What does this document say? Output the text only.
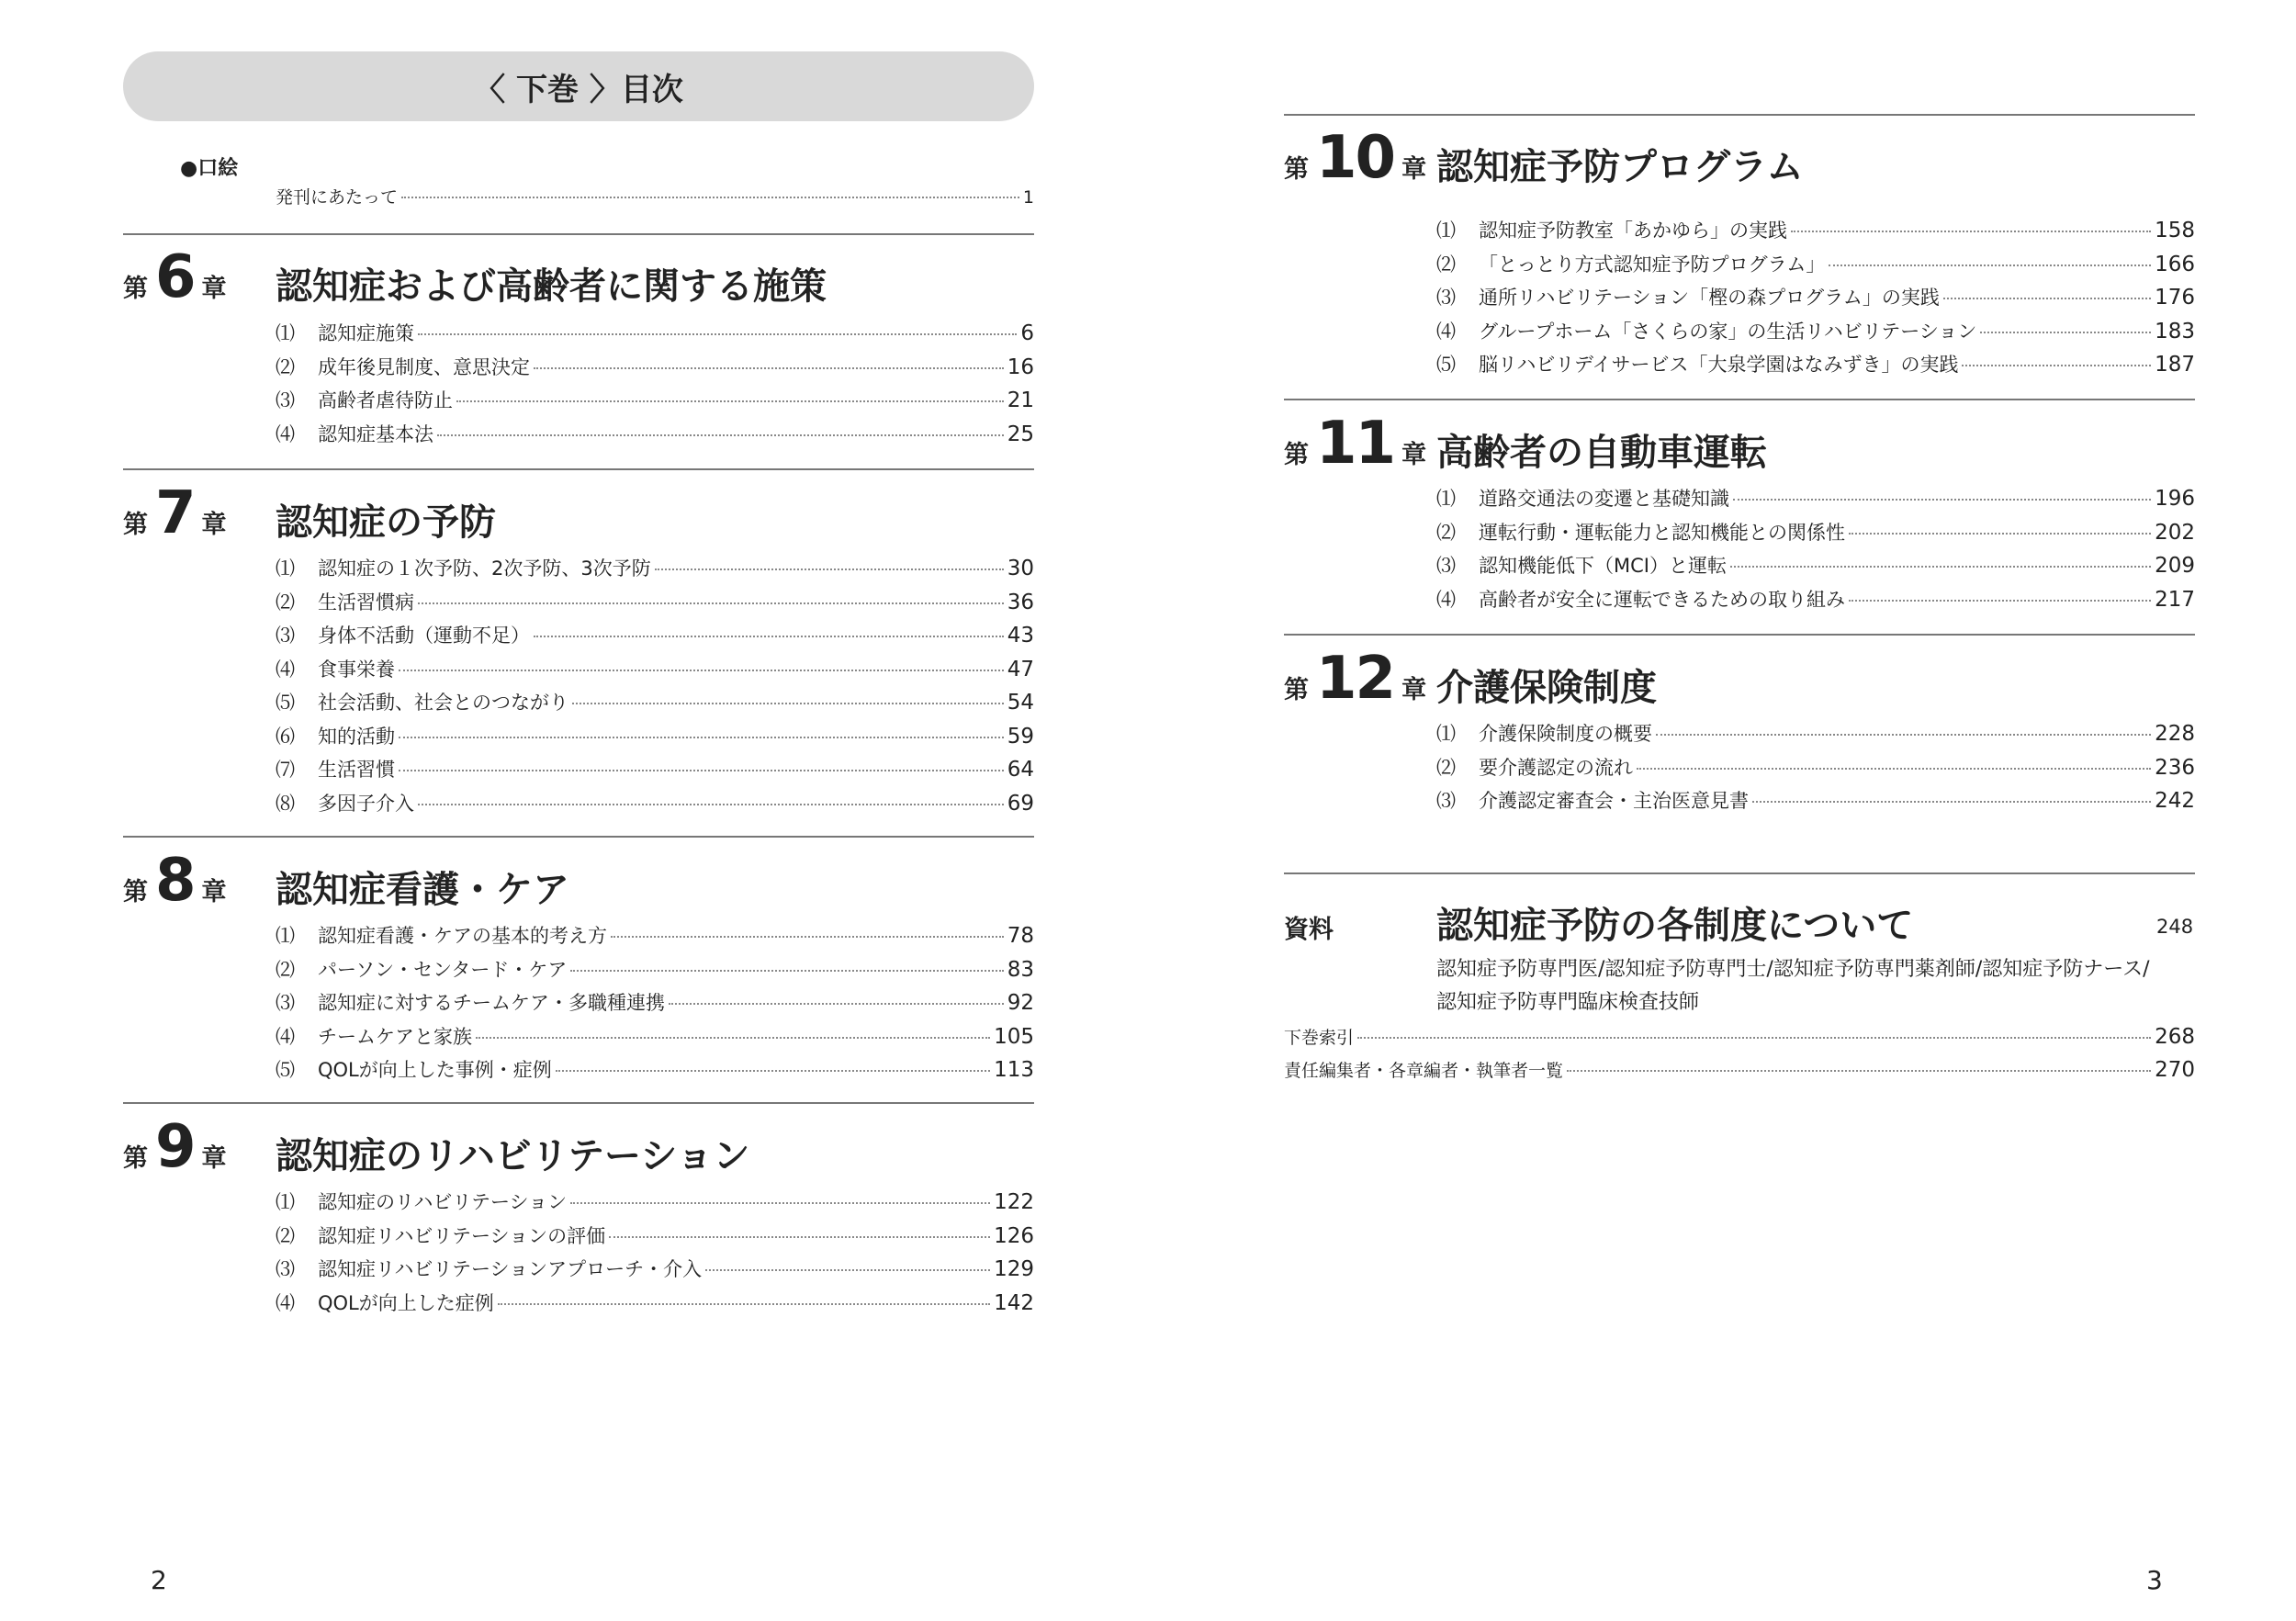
〈 下巻 〉目次
●口絵
発刊にあたって	1
第 6 章 認知症および高齢者に関する施策
⑴	認知症施策	6
⑵	成年後見制度、意思決定	16
⑶	高齢者虐待防止	21
⑷	認知症基本法	25
第 7 章 認知症の予防
⑴	認知症の１次予防、2次予防、3次予防	30
⑵	生活習慣病	36
⑶	身体不活動（運動不足）	43
⑷	食事栄養	47
⑸	社会活動、社会とのつながり	54
⑹	知的活動	59
⑺	生活習慣	64
⑻	多因子介入	69
第 8 章 認知症看護・ケア
⑴	認知症看護・ケアの基本的考え方	78
⑵	パーソン・センタード・ケア	83
⑶	認知症に対するチームケア・多職種連携	92
⑷	チームケアと家族	105
⑸	QOLが向上した事例・症例	113
第 9 章 認知症のリハビリテーション
⑴	認知症のリハビリテーション	122
⑵	認知症リハビリテーションの評価	126
⑶	認知症リハビリテーションアプローチ・介入	129
⑷	QOLが向上した症例	142
2
第 10 章 認知症予防プログラム
⑴	認知症予防教室「あかゆら」の実践	158
⑵	「とっとり方式認知症予防プログラム」	166
⑶	通所リハビリテーション「樫の森プログラム」の実践	176
⑷	グループホーム「さくらの家」の生活リハビリテーション	183
⑸	脳リハビリデイサービス「大泉学園はなみずき」の実践	187
第 11 章 高齢者の自動車運転
⑴	道路交通法の変遷と基礎知識	196
⑵	運転行動・運転能力と認知機能との関係性	202
⑶	認知機能低下（MCI）と運転	209
⑷	高齢者が安全に運転できるための取り組み	217
第 12 章 介護保険制度
⑴	介護保険制度の概要	228
⑵	要介護認定の流れ	236
⑶	介護認定審査会・主治医意見書	242
資料	認知症予防の各制度について	248
認知症予防専門医/認知症予防専門士/認知症予防専門薬剤師/認知症予防ナース/
認知症予防専門臨床検査技師
下巻索引	268
責任編集者・各章編者・執筆者一覧	270
3
